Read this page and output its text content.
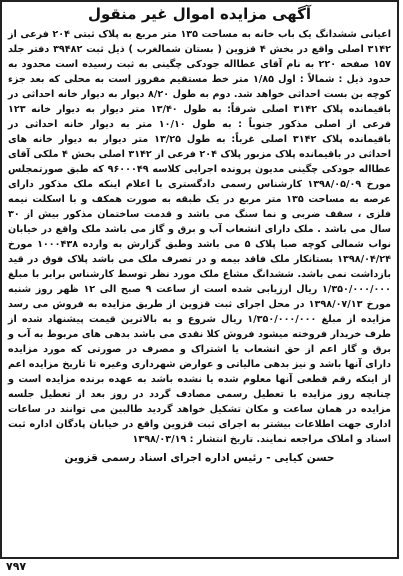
آگهی مزایده اموال غیر منقول

اعیانی ششدانگ یک باب خانه به مساحت ۱۳۵ متر مربع به پلاک ثبتی ۲۰۴ فرعی از ۳۱۴۲ اصلی واقع در بخش ۴ قزوین ( بستان شمالغرب ) ذیل ثبت ۳۹۴۸۲ دفتر جلد ۱۵۷ صفحه ۲۲۰ به نام آقای عطااله جودکی چگینی به ثبت رسیده است محدود به حدود ذیل : شمالاً : اول ۱/۸۵ متر خط مستقیم مفروز است به محلی که بعد جزء کوچه بن بست احداثی خواهد شد. دوم به طول ۸/۲۰ دیوار به دیوار خانه احداثی در باقیمانده پلاک ۳۱۴۲ اصلی شرقاً: به طول ۱۳/۴۰ متر دیوار به دیوار خانه ۱۲۳ فرعی از اصلی مذکور جنوباً : به طول ۱۰/۱۰ متر به دیوار خانه احداثی در باقیمانده پلاک ۳۱۴۲ اصلی غرباً: به طول ۱۳/۲۵ متر دیوار به دیوار خانه های احداثی در باقیمانده پلاک مزبور پلاک ۲۰۴ فرعی از ۳۱۴۲ اصلی بخش ۴ ملکی آقای عطااله جودکی چگینی مدیون پرونده اجرایی کلاسه ۹۶۰۰۰۴۹ که طبق صورتمجلس مورخ ۱۳۹۸/۰۵/۰۹ کارشناس رسمی دادگستری با اعلام اینکه ملک مذکور دارای عرصه به مساحت ۱۳۵ متر مربع در یک طبقه به صورت همکف و با اسکلت نیمه فلزی ، سقف ضربی و نما سنگ می باشد و قدمت ساختمان مذکور بیش از ۳۰ سال می باشد . ملک دارای انشعاب آب و برق و گاز می باشد ملک واقع در خیابان نواب شمالی کوچه صبا پلاک ۵ می باشد وطبق گزارش به وارده ۱۰۰۰۴۳۸ مورخ ۱۳۹۸/۰۴/۲۴ بستانکار ملک فاقد بیمه و در تصرف ملک می باشد پلاک فوق در قید بازداشت نمی باشد. ششدانگ مشاع ملک مورد نظر توسط کارشناس برابر با مبلغ ۱/۳۵۰/۰۰۰/۰۰۰ ریال ارزیابی شده است از ساعت ۹ صبح الی ۱۲ ظهر روز شنبه مورخ ۱۳۹۸/۰۷/۱۳ در محل اجرای ثبت قزوین از طریق مزایده به فروش می رسد مزایده از مبلغ ۱/۳۵۰/۰۰۰/۰۰۰ ریال شروع و به بالاترین قیمت پیشنهاد شده از طرف خریدار فروخته میشود فروش کلا نقدی می باشد بدهی های مربوط به آب و برق و گاز اعم از حق انشعاب یا اشتراک و مصرف در صورتی که مورد مزایده دارای آنها باشد و نیز بدهی مالیاتی و عوارض شهرداری وغیره تا تاریخ مزایده اعم از اینکه رقم قطعی آنها معلوم شده یا نشده باشد به عهده برنده مزایده است و چنانچه روز مزایده با تعطیل رسمی مصادف گردد در روز بعد از تعطیل جلسه مزایده در همان ساعت و مکان تشکیل خواهد گردید طالبین می توانند در ساعات اداری جهت اطلاعات بیشتر به اجرای ثبت قزوین واقع در خیابان پادگان اداره ثبت اسناد و املاک مراجعه نمایند. تاریخ انتشار : ۱۳۹۸/۰۳/۱۹

حسن کیایی - رئیس اداره اجرای اسناد رسمی قزوین
۷۹۷
